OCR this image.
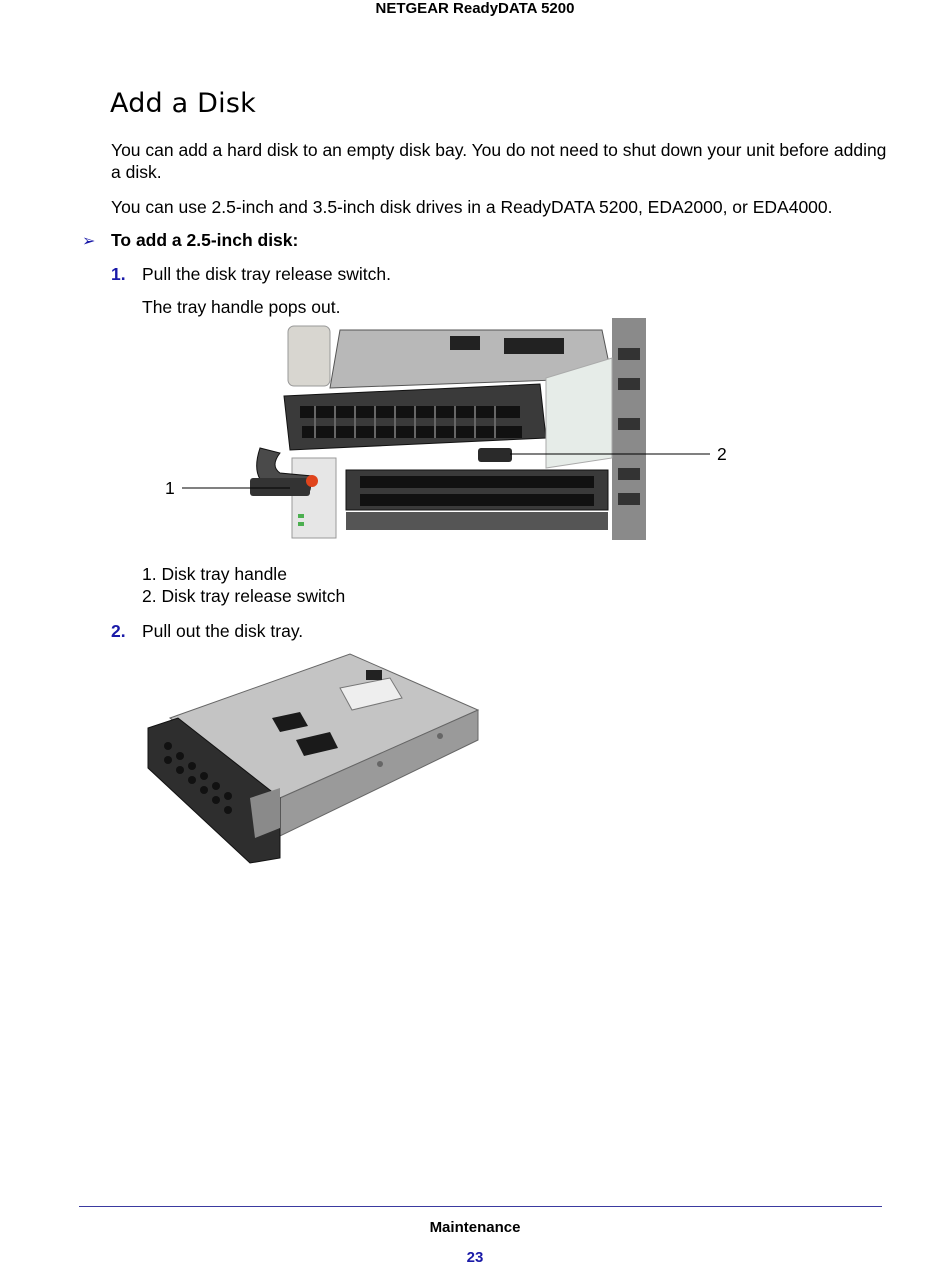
NETGEAR ReadyDATA 5200
Add a Disk

You can add a hard disk to an empty disk bay. You do not need to shut down your unit before adding a disk.

You can use 2.5-inch and 3.5-inch disk drives in a ReadyDATA 5200, EDA2000, or EDA4000.

➢ To add a 2.5-inch disk:
1. Pull the disk tray release switch.
The tray handle pops out.
1
2
1. Disk tray handle
2. Disk tray release switch
2. Pull out the disk tray.
Maintenance
23
